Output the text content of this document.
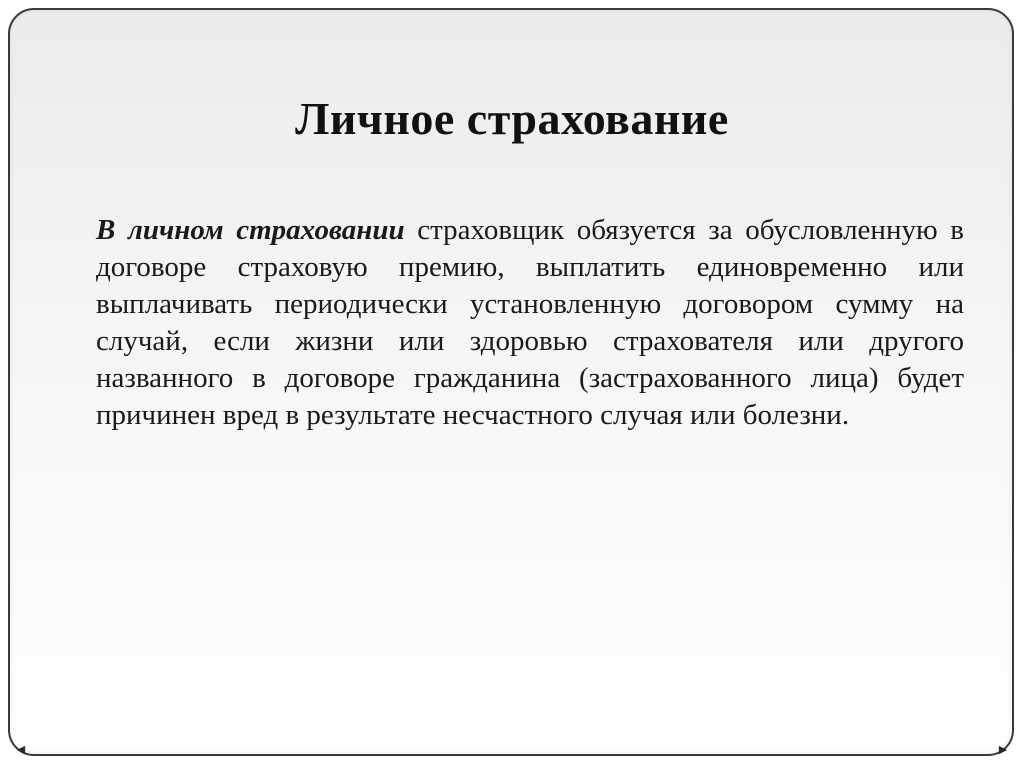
Личное страхование

В личном страховании страховщик обязуется за обусловленную в договоре страховую премию, выплатить единовременно или выплачивать периодически установленную договором сумму на случай, если жизни или здоровью страхователя или другого названного в договоре гражданина (застрахованного лица) будет причинен вред в результате несчастного случая или болезни.

◄	►
